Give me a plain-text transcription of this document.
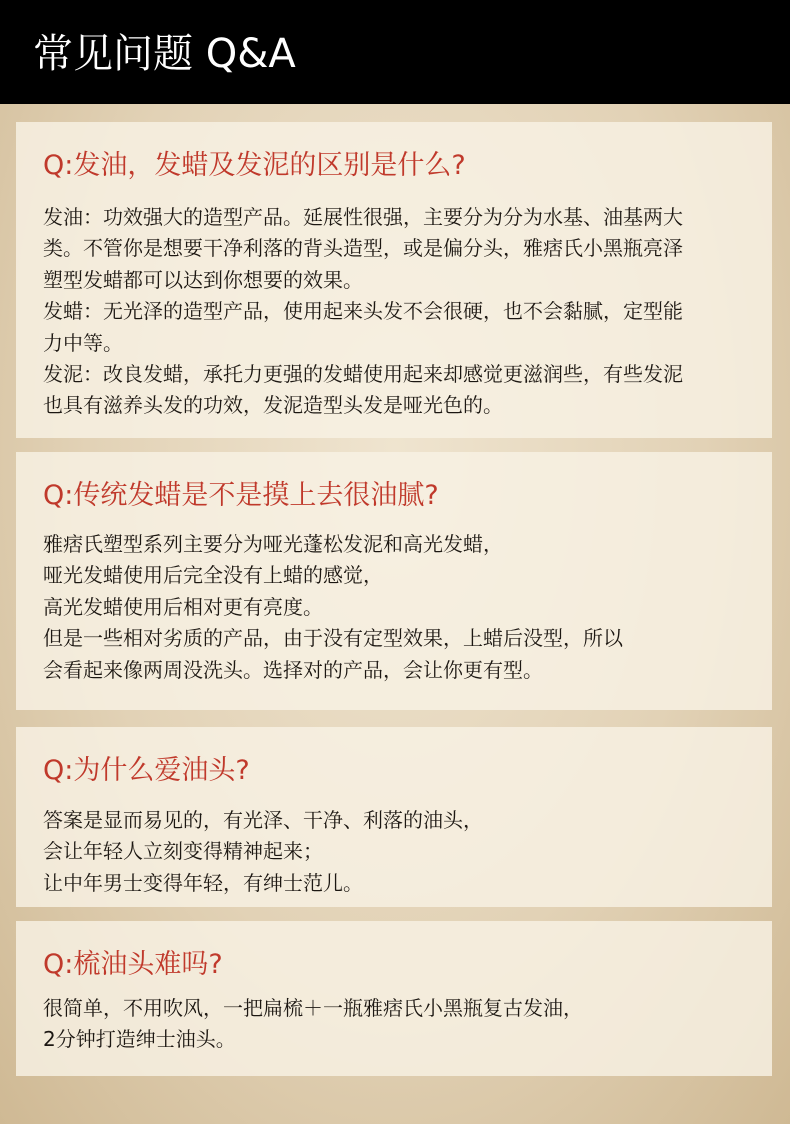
常见问题 Q&A
Q:发油，发蜡及发泥的区别是什么?

发油：功效强大的造型产品。延展性很强，主要分为分为水基、油基两大
类。不管你是想要干净利落的背头造型，或是偏分头，雅痞氏小黑瓶亮泽
塑型发蜡都可以达到你想要的效果。
发蜡：无光泽的造型产品，使用起来头发不会很硬，也不会黏腻，定型能
力中等。
发泥：改良发蜡，承托力更强的发蜡使用起来却感觉更滋润些，有些发泥
也具有滋养头发的功效，发泥造型头发是哑光色的。

Q:传统发蜡是不是摸上去很油腻?

雅痞氏塑型系列主要分为哑光蓬松发泥和高光发蜡，
哑光发蜡使用后完全没有上蜡的感觉，
高光发蜡使用后相对更有亮度。
但是一些相对劣质的产品，由于没有定型效果，上蜡后没型，所以
会看起来像两周没洗头。选择对的产品，会让你更有型。

Q:为什么爱油头?

答案是显而易见的，有光泽、干净、利落的油头，
会让年轻人立刻变得精神起来；
让中年男士变得年轻，有绅士范儿。

Q:梳油头难吗?

很简单，不用吹风，一把扁梳＋一瓶雅痞氏小黑瓶复古发油，
2分钟打造绅士油头。
